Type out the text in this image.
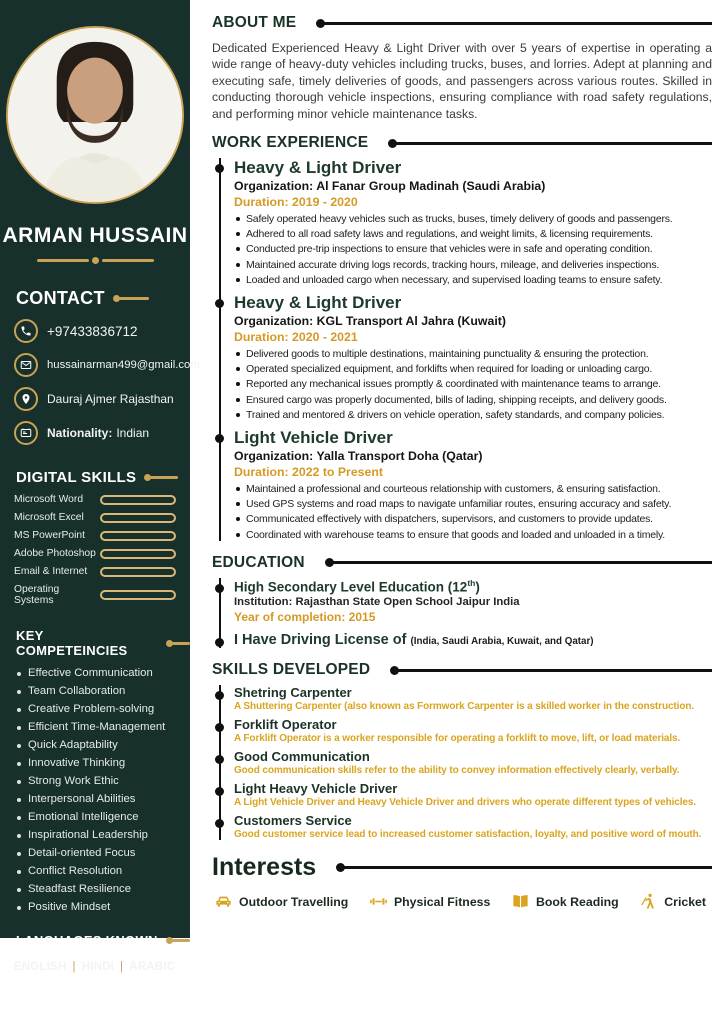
ARMAN HUSSAIN
CONTACT
+97433836712
hussainarman499@gmail.com
Dauraj Ajmer Rajasthan
Nationality: Indian
DIGITAL SKILLS
Microsoft Word
Microsoft Excel
MS PowerPoint
Adobe Photoshop
Email & Internet
Operating Systems
KEY COMPETEINCIES
Effective Communication
Team Collaboration
Creative Problem-solving
Efficient Time-Management
Quick Adaptability
Innovative Thinking
Strong Work Ethic
Interpersonal Abilities
Emotional Intelligence
Inspirational Leadership
Detail-oriented Focus
Conflict Resolution
Steadfast Resilience
Positive Mindset
LANGUAGES KNOWN
ENGLISH | HINDI | ARABIC
ABOUT ME

Dedicated Experienced Heavy & Light Driver with over 5 years of expertise in operating a wide range of heavy-duty vehicles including trucks, buses, and lorries. Adept at planning and executing safe, timely deliveries of goods, and passengers across various routes. Skilled in conducting thorough vehicle inspections, ensuring compliance with road safety regulations, and performing minor vehicle maintenance tasks.

WORK EXPERIENCE
Heavy & Light Driver
Organization: Al Fanar Group Madinah (Saudi Arabia)
Duration: 2019 - 2020
Safely operated heavy vehicles such as trucks, buses, timely delivery of goods and passengers.
Adhered to all road safety laws and regulations, and weight limits, & licensing requirements.
Conducted pre-trip inspections to ensure that vehicles were in safe and operating condition.
Maintained accurate driving logs records, tracking hours, mileage, and deliveries inspections.
Loaded and unloaded cargo when necessary, and supervised loading teams to ensure safety.
Heavy & Light Driver
Organization: KGL Transport Al Jahra (Kuwait)
Duration: 2020 - 2021
Delivered goods to multiple destinations, maintaining punctuality & ensuring the protection.
Operated specialized equipment, and forklifts when required for loading or unloading cargo.
Reported any mechanical issues promptly & coordinated with maintenance teams to arrange.
Ensured cargo was properly documented, bills of lading, shipping receipts, and delivery goods.
Trained and mentored & drivers on vehicle operation, safety standards, and company policies.
Light Vehicle Driver
Organization: Yalla Transport Doha (Qatar)
Duration: 2022 to Present
Maintained a professional and courteous relationship with customers, & ensuring satisfaction.
Used GPS systems and road maps to navigate unfamiliar routes, ensuring accuracy and safety.
Communicated effectively with dispatchers, supervisors, and customers to provide updates.
Coordinated with warehouse teams to ensure that goods and loaded and unloaded in a timely.
EDUCATION
High Secondary Level Education (12th)
Institution: Rajasthan State Open School Jaipur India
Year of completion: 2015
I Have Driving License of (India, Saudi Arabia, Kuwait, and Qatar)
SKILLS DEVELOPED
Shetring Carpenter
A Shuttering Carpenter (also known as Formwork Carpenter is a skilled worker in the construction.
Forklift Operator
A Forklift Operator is a worker responsible for operating a forklift to move, lift, or load materials.
Good Communication
Good communication skills refer to the ability to convey information effectively clearly, verbally.
Light Heavy Vehicle Driver
A Light Vehicle Driver and Heavy Vehicle Driver and drivers who operate different types of vehicles.
Customers Service
Good customer service lead to increased customer satisfaction, loyalty, and positive word of mouth.
Interests
Outdoor Travelling	Physical Fitness	Book Reading	Cricket
